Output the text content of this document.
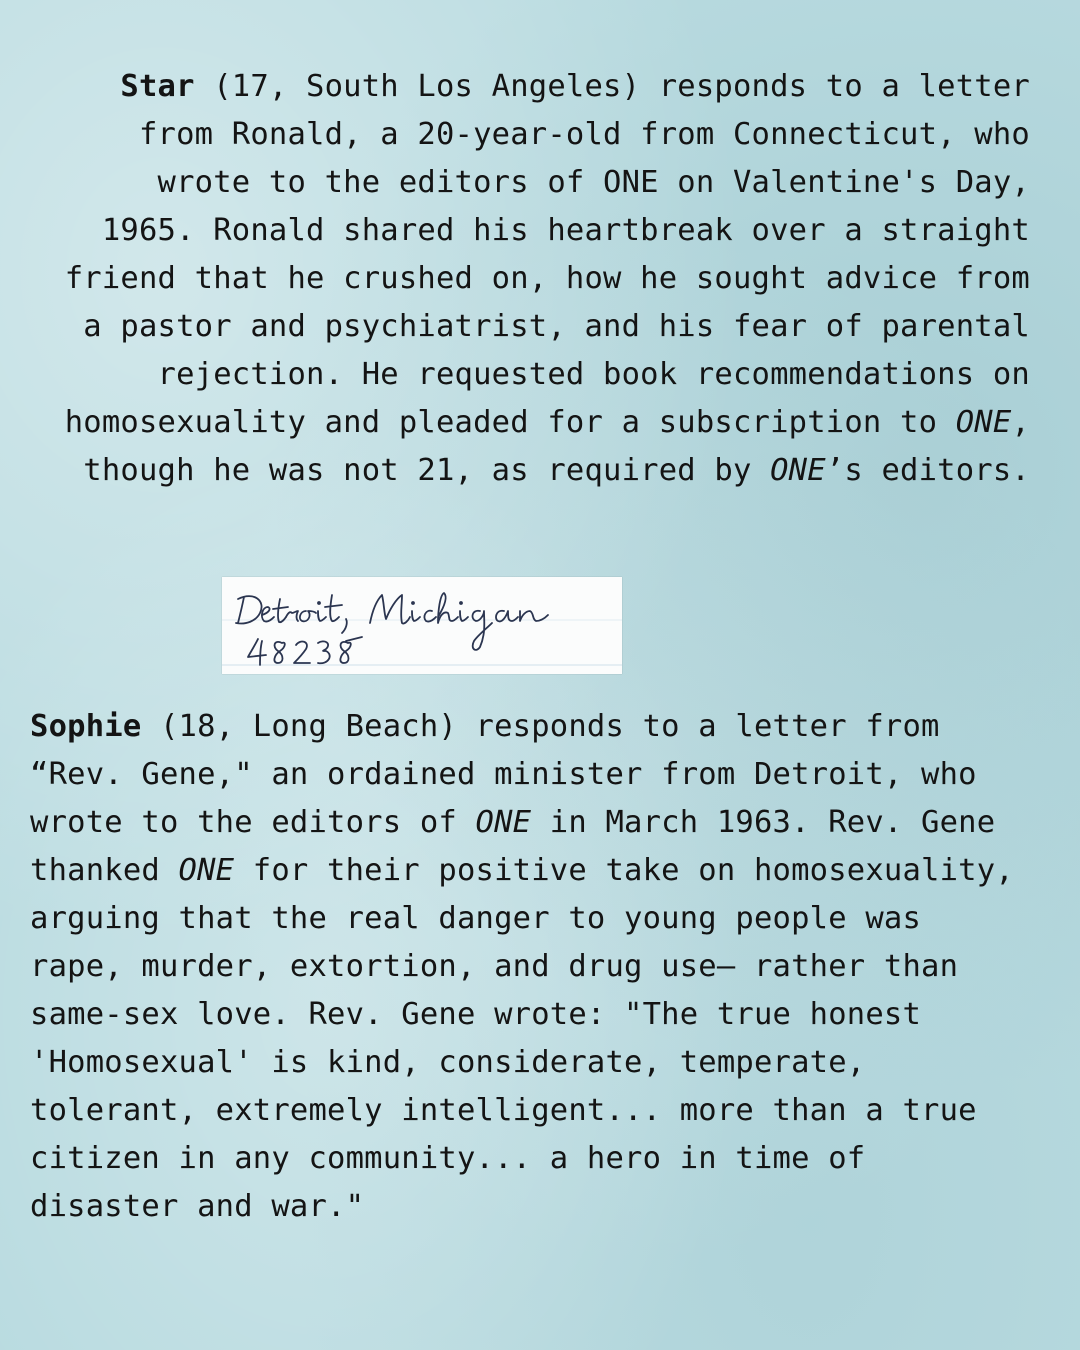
Star (17, South Los Angeles) responds to a letter from Ronald, a 20-year-old from Connecticut, who wrote to the editors of ONE on Valentine's Day, 1965. Ronald shared his heartbreak over a straight friend that he crushed on, how he sought advice from a pastor and psychiatrist, and his fear of parental rejection. He requested book recommendations on homosexuality and pleaded for a subscription to ONE, though he was not 21, as required by ONE’s editors.

Sophie (18, Long Beach) responds to a letter from “Rev. Gene," an ordained minister from Detroit, who wrote to the editors of ONE in March 1963. Rev. Gene thanked ONE for their positive take on homosexuality, arguing that the real danger to young people was rape, murder, extortion, and drug use— rather than same-sex love. Rev. Gene wrote: "The true honest 'Homosexual' is kind, considerate, temperate, tolerant, extremely intelligent... more than a true citizen in any community... a hero in time of disaster and war."
